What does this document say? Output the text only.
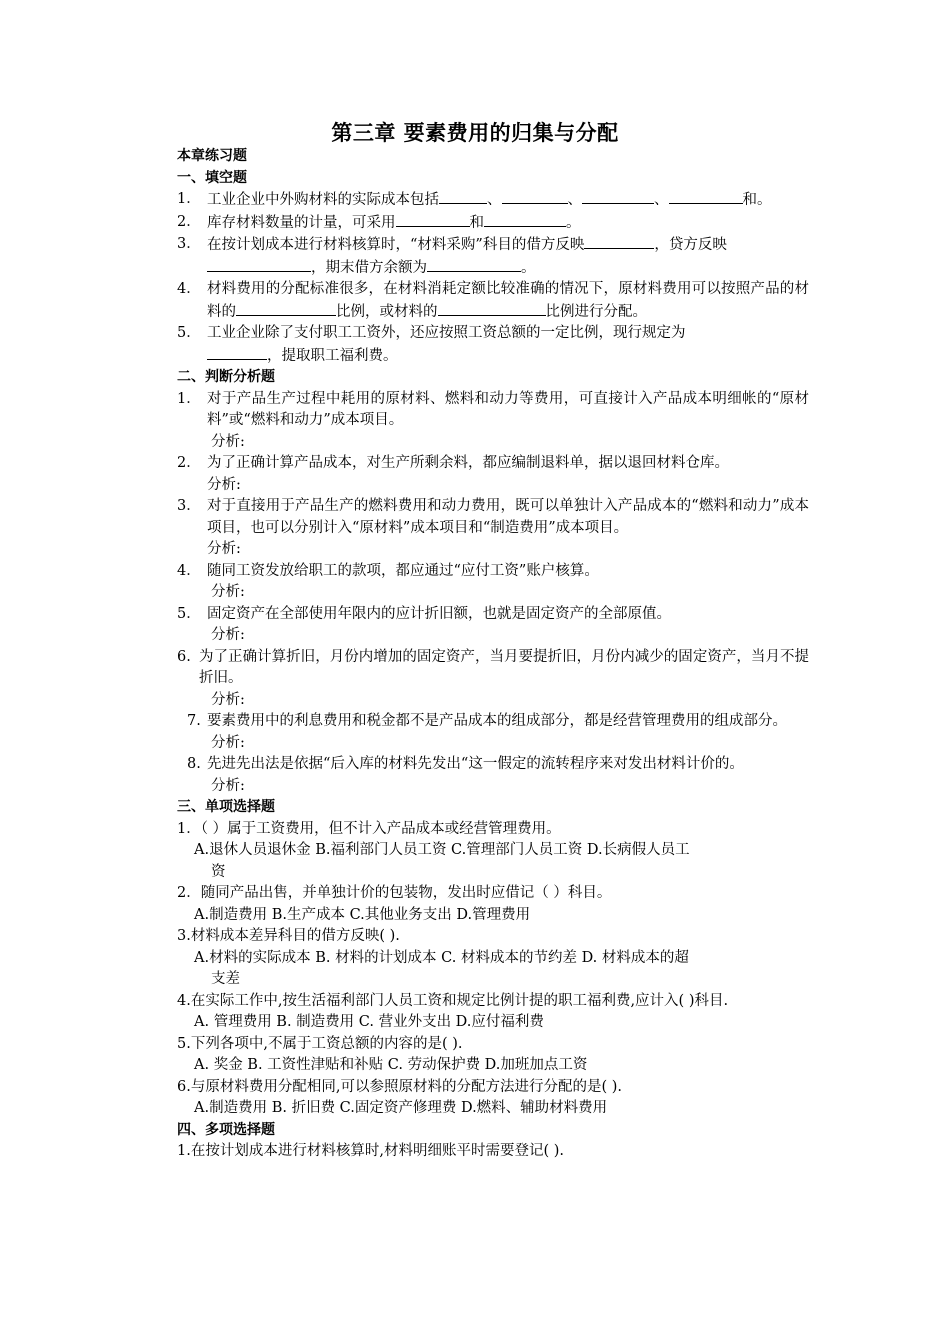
第三章 要素费用的归集与分配
本章练习题
一、填空题
1． 工业企业中外购材料的实际成本包括	、	、	、	和。
2． 库存材料数量的计量，可采用	和	。
3． 在按计划成本进行材料核算时，“材料采购”科目的借方反映	，贷方反映
，期末借方余额为	。
4． 材料费用的分配标准很多，在材料消耗定额比较准确的情况下，原材料费用可以按照产品的材料的	比例，或材料的	比例进行分配。
5． 工业企业除了支付职工工资外，还应按照工资总额的一定比例，现行规定为
，提取职工福利费。
二、判断分析题
1． 对于产品生产过程中耗用的原材料、燃料和动力等费用，可直接计入产品成本明细帐的“原材料”或“燃料和动力”成本项目。
分析:
2． 为了正确计算产品成本，对生产所剩余料，都应编制退料单，据以退回材料仓库。
分析:
3． 对于直接用于产品生产的燃料费用和动力费用，既可以单独计入产品成本的“燃料和动力”成本项目，也可以分别计入“原材料”成本项目和“制造费用”成本项目。
分析:
4． 随同工资发放给职工的款项，都应通过“应付工资”账户核算。
分析:
5． 固定资产在全部使用年限内的应计折旧额，也就是固定资产的全部原值。
分析:
6. 为了正确计算折旧，月份内增加的固定资产，当月要提折旧，月份内减少的固定资产，当月不提折旧。
分析:
7. 要素费用中的利息费用和税金都不是产品成本的组成部分，都是经营管理费用的组成部分。
分析:
8. 先进先出法是依据“后入库的材料先发出“这一假定的流转程序来对发出材料计价的。
分析:
三、单项选择题
1．（ ）属于工资费用，但不计入产品成本或经营管理费用。
A.退休人员退休金 B.福利部门人员工资 C.管理部门人员工资 D.长病假人员工
资
2．随同产品出售，并单独计价的包装物，发出时应借记（ ）科目。
A.制造费用 B.生产成本 C.其他业务支出 D.管理费用
3.材料成本差异科目的借方反映( ).
A.材料的实际成本 B. 材料的计划成本 C. 材料成本的节约差 D. 材料成本的超
支差
4.在实际工作中,按生活福利部门人员工资和规定比例计提的职工福利费,应计入( )科目.
A. 管理费用 B. 制造费用 C. 营业外支出 D.应付福利费
5.下列各项中,不属于工资总额的内容的是( ).
A. 奖金 B. 工资性津贴和补贴 C. 劳动保护费 D.加班加点工资
6.与原材料费用分配相同,可以参照原材料的分配方法进行分配的是( ).
A.制造费用 B. 折旧费 C.固定资产修理费 D.燃料、辅助材料费用
四、多项选择题
1.在按计划成本进行材料核算时,材料明细账平时需要登记( ).
